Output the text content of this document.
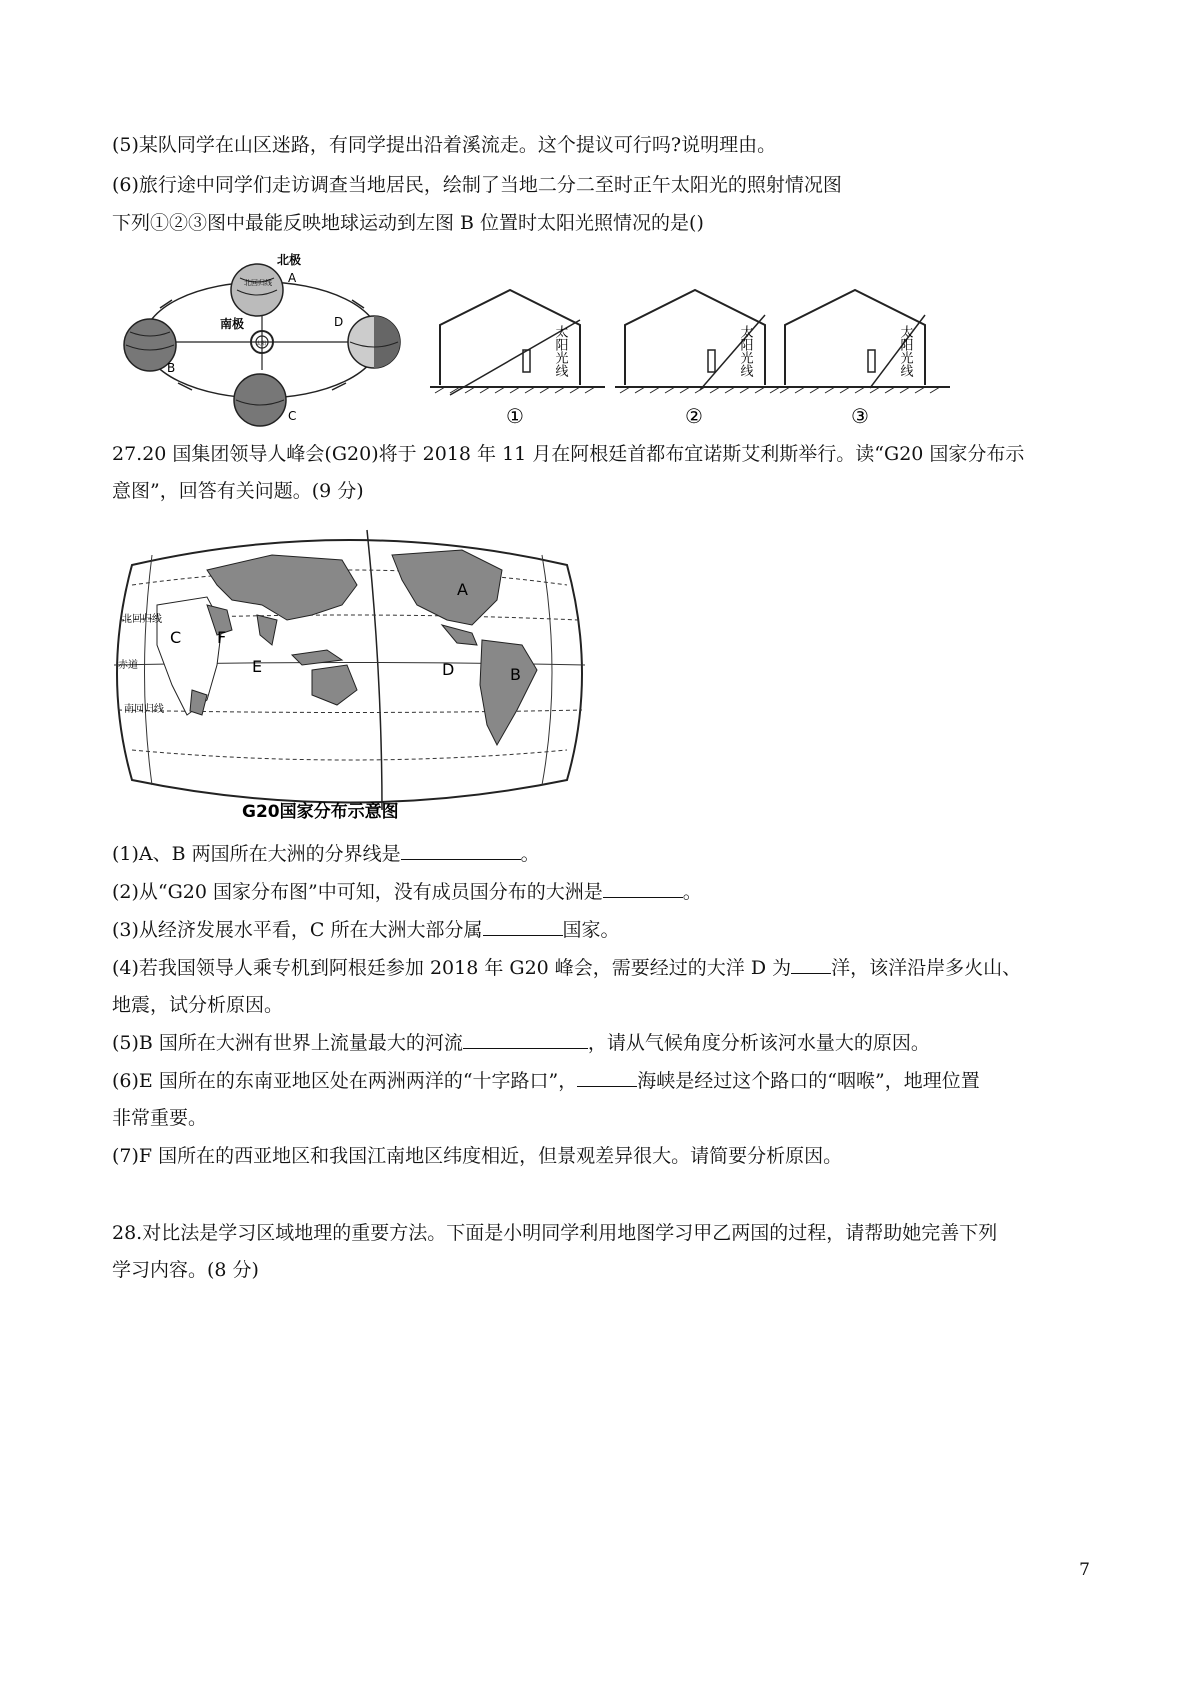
(5)某队同学在山区迷路，有同学提出沿着溪流走。这个提议可行吗?说明理由。
(6)旅行途中同学们走访调查当地居民，绘制了当地二分二至时正午太阳光的照射情况图
下列①②③图中最能反映地球运动到左图 B 位置时太阳光照情况的是()
太阳
北回归线
北极
南极
A
B
C
D
太阳光线
①
太阳光线
②
太阳光线
③
27.20 国集团领导人峰会(G20)将于 2018 年 11 月在阿根廷首都布宜诺斯艾利斯举行。读“G20 国家分布示
意图”，回答有关问题。(9 分)
A
B
C
D
E
F
北回归线
赤道
南回归线
G20国家分布示意图
(1)A、B 两国所在大洲的分界线是	。
(2)从“G20 国家分布图”中可知，没有成员国分布的大洲是	。
(3)从经济发展水平看，C 所在大洲大部分属	国家。
(4)若我国领导人乘专机到阿根廷参加 2018 年 G20 峰会，需要经过的大洋 D 为 洋，该洋沿岸多火山、
地震，试分析原因。
(5)B 国所在大洲有世界上流量最大的河流	，请从气候角度分析该河水量大的原因。
(6)E 国所在的东南亚地区处在两洲两洋的“十字路口”，	海峡是经过这个路口的“咽喉”，地理位置
非常重要。
(7)F 国所在的西亚地区和我国江南地区纬度相近，但景观差异很大。请简要分析原因。
28.对比法是学习区域地理的重要方法。下面是小明同学利用地图学习甲乙两国的过程，请帮助她完善下列
学习内容。(8 分)
7
